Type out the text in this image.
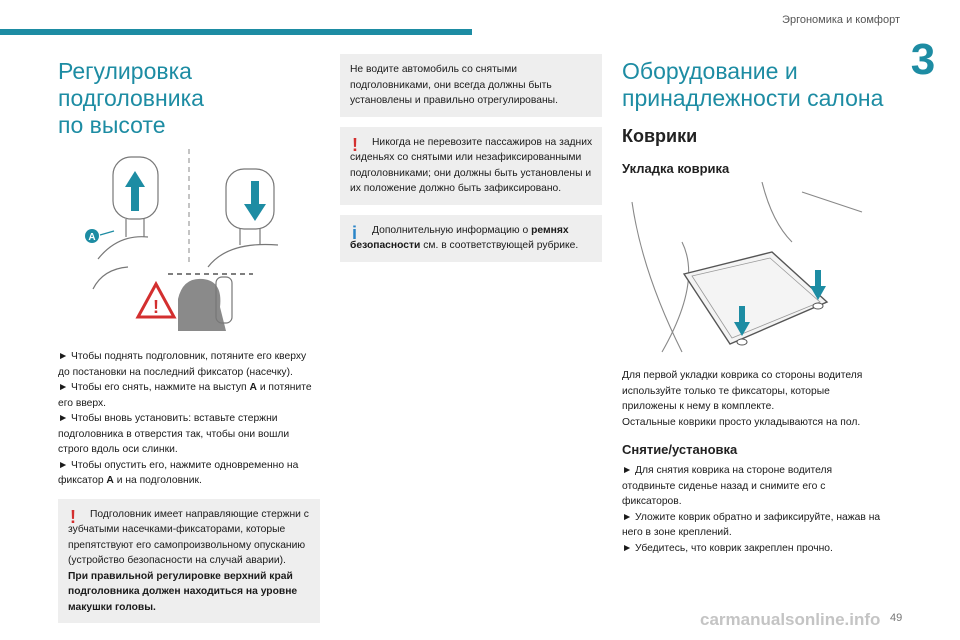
Эргономика и комфорт
3
Регулировка подголовника
по высоте
A
!

► Чтобы поднять подголовник, потяните его кверху до постановки на последний фиксатор (насечку).

► Чтобы его снять, нажмите на выступ A и потяните его вверх.

► Чтобы вновь установить: вставьте стержни подголовника в отверстия так, чтобы они вошли строго вдоль оси слинки.

► Чтобы опустить его, нажмите одновременно на фиксатор A и на подголовник.

!	Подголовник имеет направляющие стержни с зубчатыми насечками-фиксаторами, которые препятствуют его самопроизвольному опусканию (устройство безопасности на случай аварии).

При правильной регулировке верхний край подголовника должен находиться на уровне макушки головы.

Не водите автомобиль со снятыми подголовниками, они всегда должны быть установлены и правильно отрегулированы.

!	Никогда не перевозите пассажиров на задних сиденьях со снятыми или незафиксированными подголовниками; они должны быть установлены и их положение должно быть зафиксировано.

i	Дополнительную информацию о ремнях безопасности см. в соответствующей рубрике.

Оборудование и
принадлежности салона
Коврики
Укладка коврика

Для первой укладки коврика со стороны водителя используйте только те фиксаторы, которые приложены к нему в комплекте.

Остальные коврики просто укладываются на пол.

Снятие/установка

► Для снятия коврика на стороне водителя отодвиньте сиденье назад и снимите его с фиксаторов.

► Уложите коврик обратно и зафиксируйте, нажав на него в зоне креплений.

► Убедитесь, что коврик закреплен прочно.

carmanualsonline.info 49
